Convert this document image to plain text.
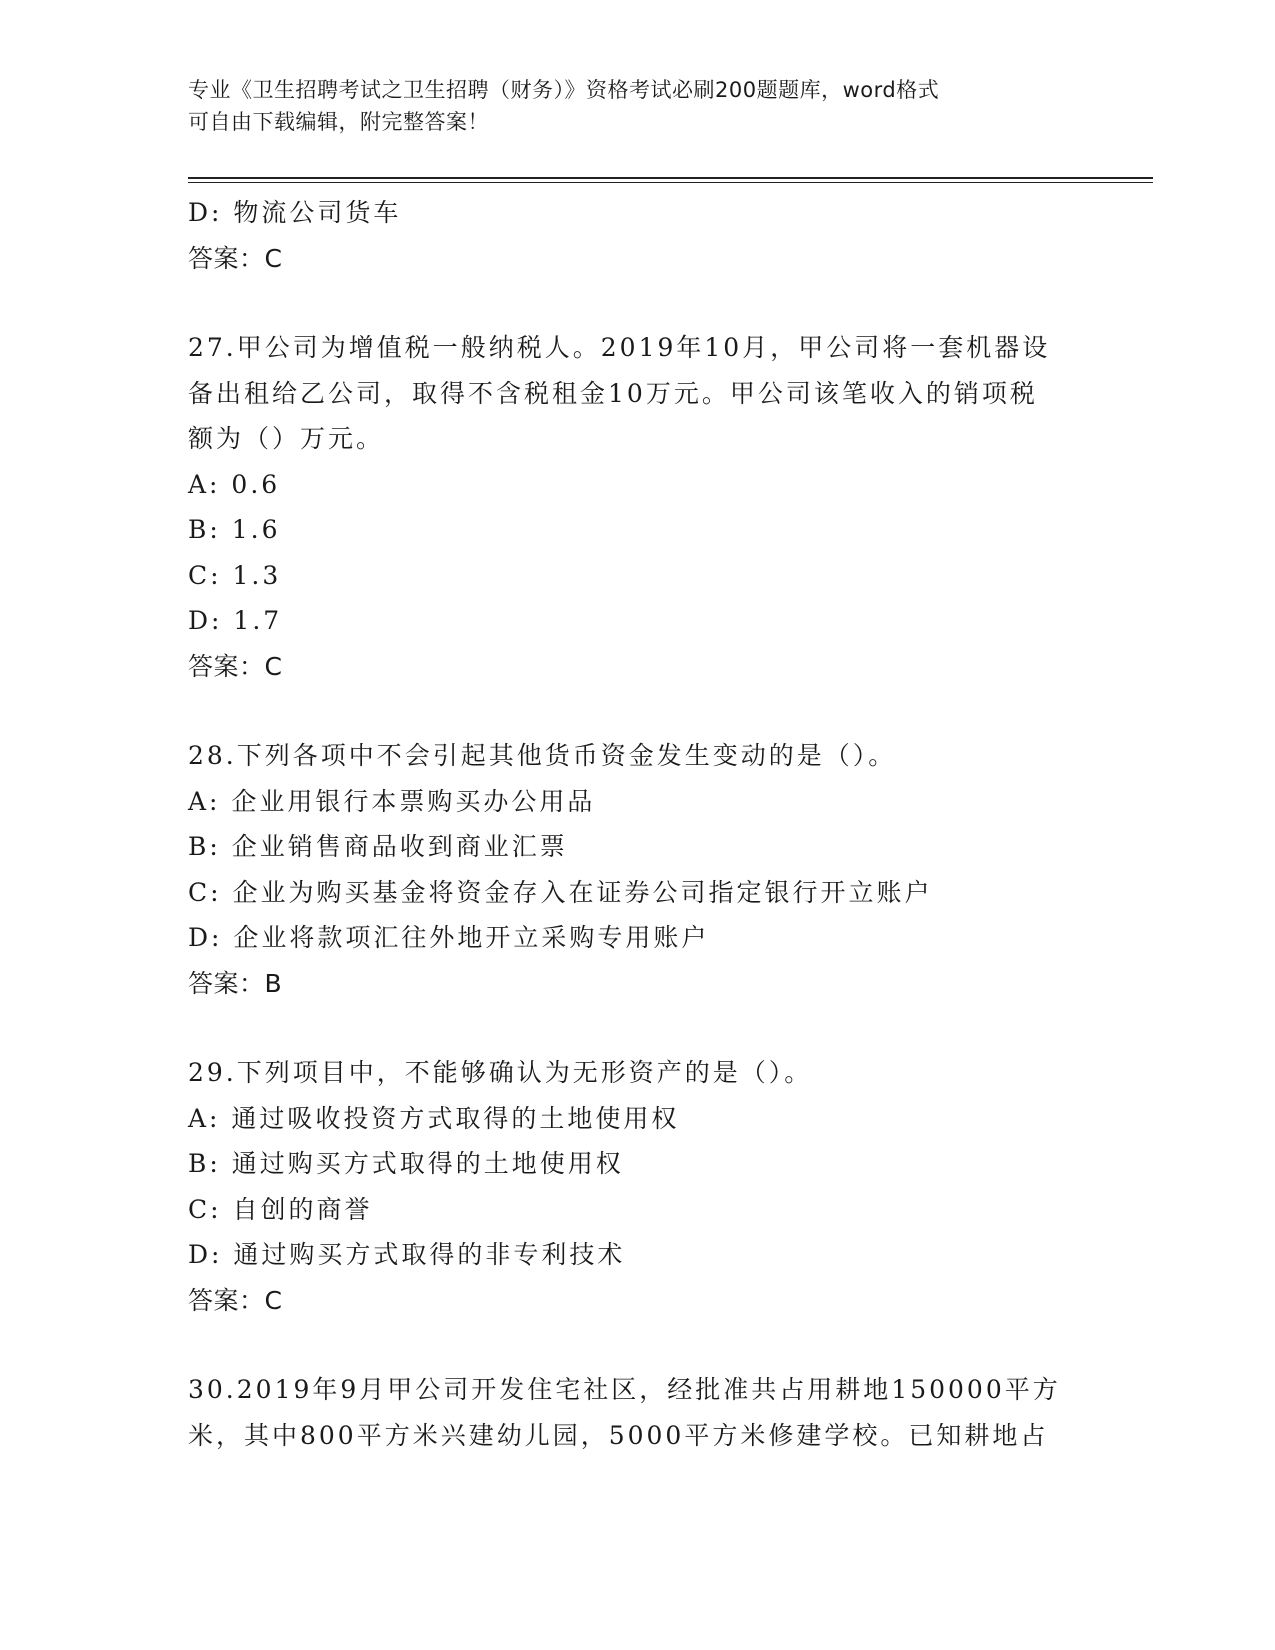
专业《卫生招聘考试之卫生招聘（财务）》资格考试必刷200题题库，word格式
可自由下载编辑，附完整答案！
D: 物流公司货车
答案：C
27.甲公司为增值税一般纳税人。2019年10月，甲公司将一套机器设
备出租给乙公司，取得不含税租金10万元。甲公司该笔收入的销项税
额为（）万元。
A: 0.6
B: 1.6
C: 1.3
D: 1.7
答案：C
28.下列各项中不会引起其他货币资金发生变动的是（）。
A: 企业用银行本票购买办公用品
B: 企业销售商品收到商业汇票
C: 企业为购买基金将资金存入在证券公司指定银行开立账户
D: 企业将款项汇往外地开立采购专用账户
答案：B
29.下列项目中，不能够确认为无形资产的是（）。
A: 通过吸收投资方式取得的土地使用权
B: 通过购买方式取得的土地使用权
C: 自创的商誉
D: 通过购买方式取得的非专利技术
答案：C
30.2019年9月甲公司开发住宅社区，经批准共占用耕地150000平方
米，其中800平方米兴建幼儿园，5000平方米修建学校。已知耕地占
